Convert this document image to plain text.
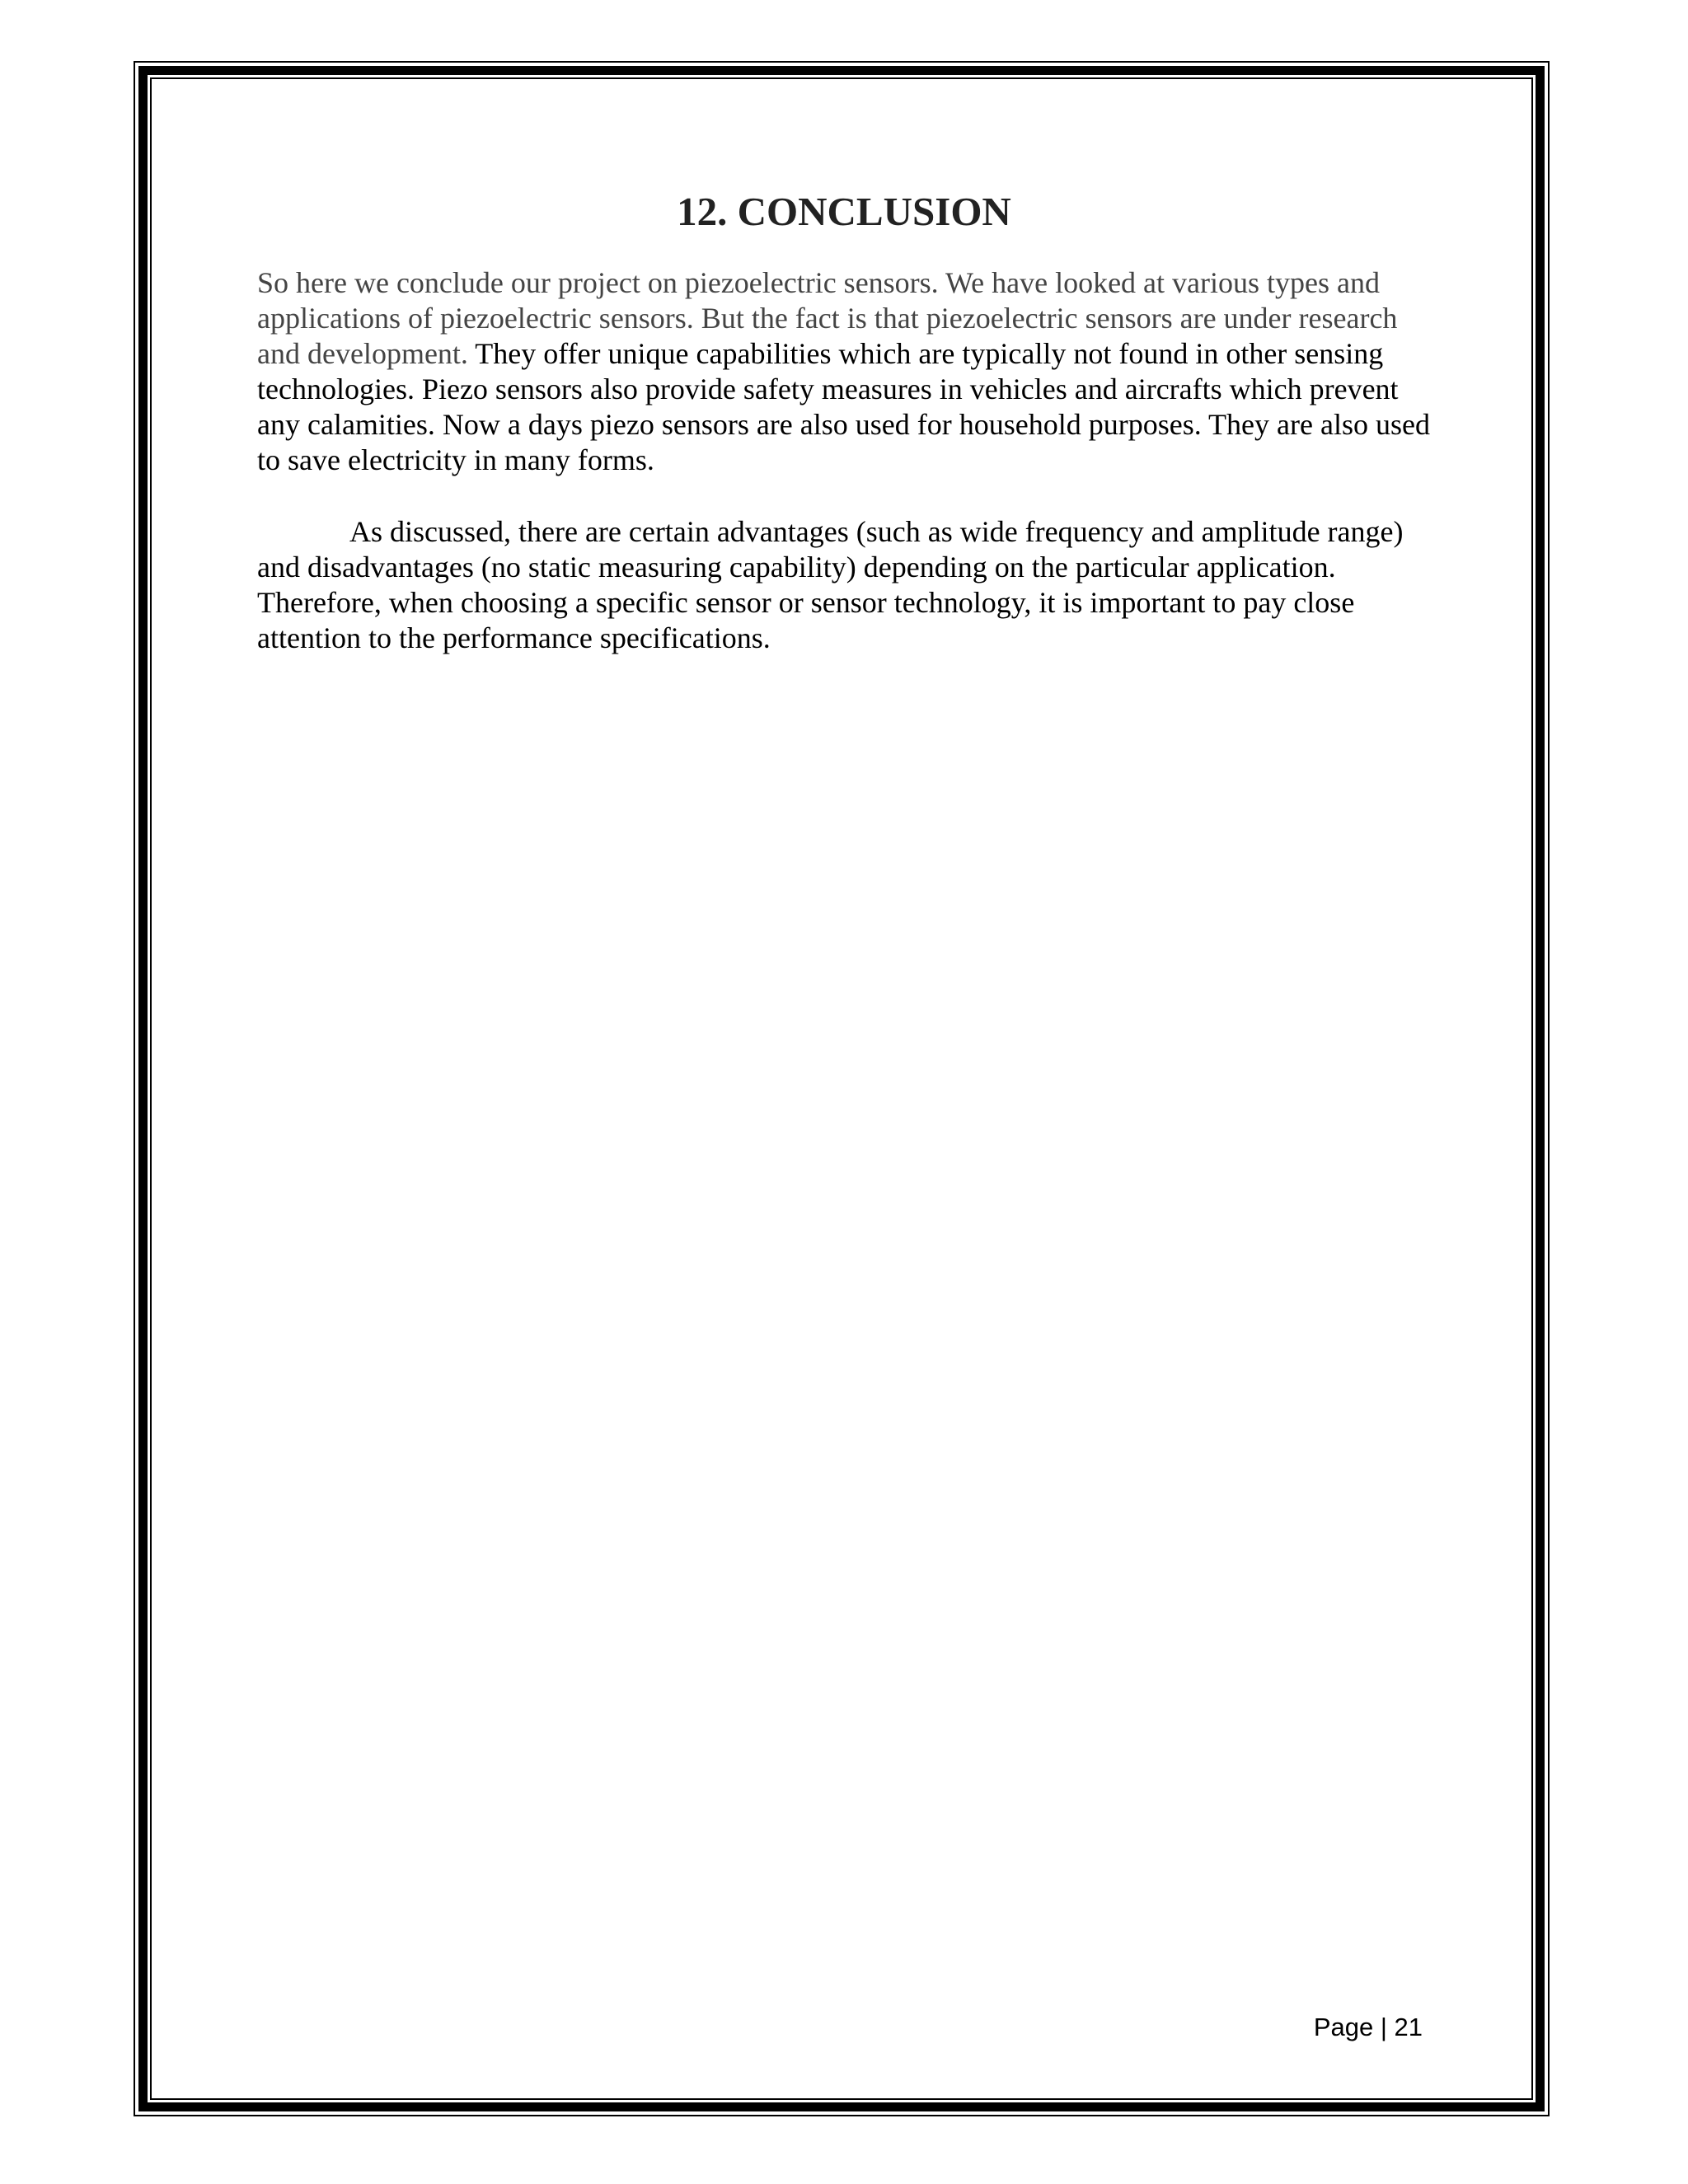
12. CONCLUSION

So here we conclude our project on piezoelectric sensors. We have looked at various types and applications of piezoelectric sensors. But the fact is that piezoelectric sensors are under research and development. They offer unique capabilities which are typically not found in other sensing technologies. Piezo sensors also provide safety measures in vehicles and aircrafts which prevent any calamities. Now a days piezo sensors are also used for household purposes. They are also used to save electricity in many forms.

As discussed, there are certain advantages (such as wide frequency and amplitude range) and disadvantages (no static measuring capability) depending on the particular application. Therefore, when choosing a specific sensor or sensor technology, it is important to pay close attention to the performance specifications.

Page | 21
